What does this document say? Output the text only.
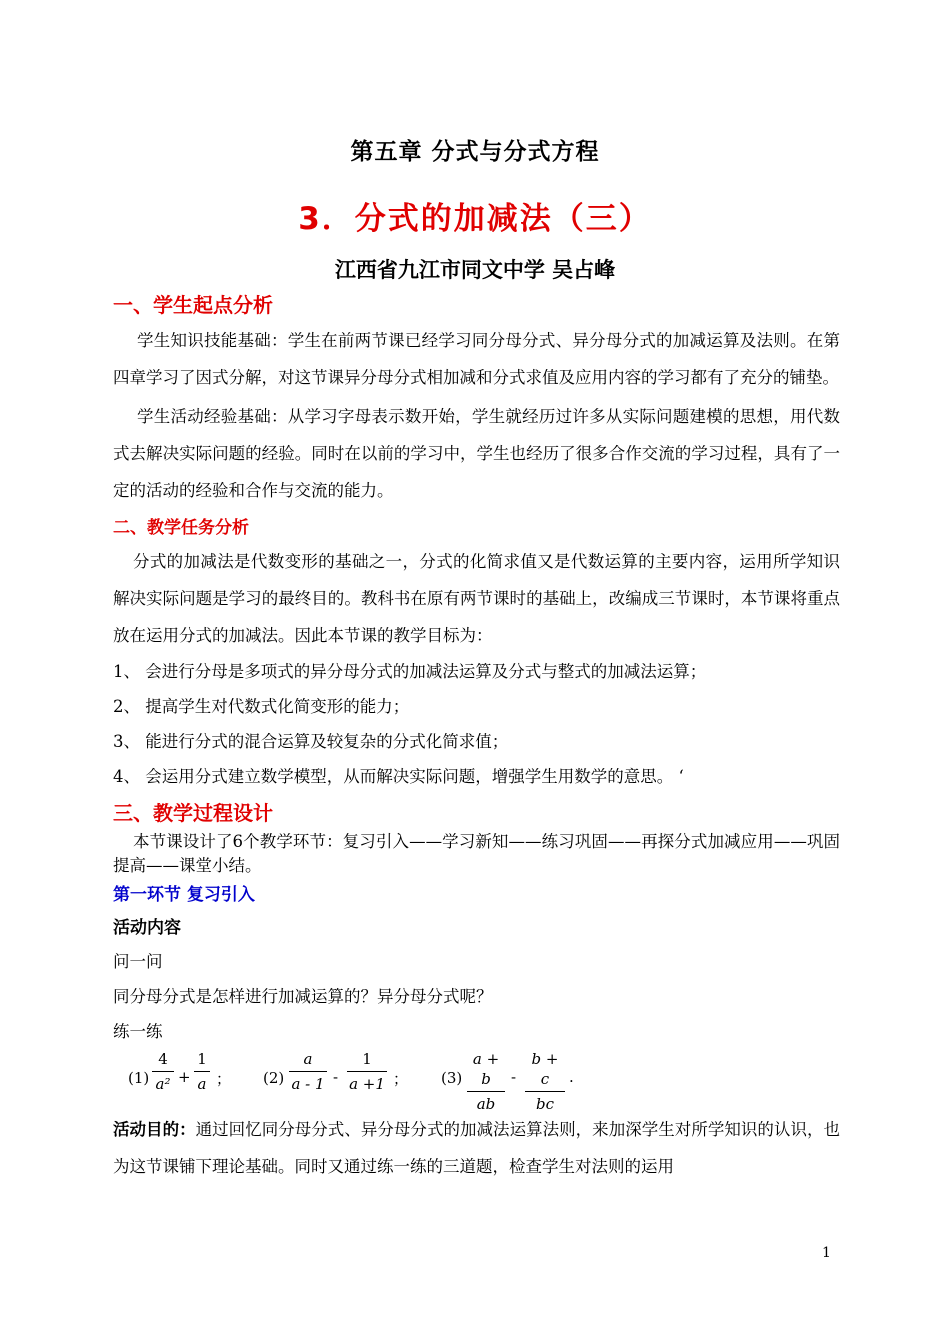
第五章 分式与分式方程
3．分式的加减法（三）
江西省九江市同文中学 吴占峰
一、学生起点分析

学生知识技能基础：学生在前两节课已经学习同分母分式、异分母分式的加减运算及法则。在第四章学习了因式分解，对这节课异分母分式相加减和分式求值及应用内容的学习都有了充分的铺垫。

学生活动经验基础：从学习字母表示数开始，学生就经历过许多从实际问题建模的思想，用代数式去解决实际问题的经验。同时在以前的学习中，学生也经历了很多合作交流的学习过程，具有了一定的活动的经验和合作与交流的能力。

二、教学任务分析

分式的加减法是代数变形的基础之一，分式的化简求值又是代数运算的主要内容，运用所学知识解决实际问题是学习的最终目的。教科书在原有两节课时的基础上，改编成三节课时，本节课将重点放在运用分式的加减法。因此本节课的教学目标为：

1、 会进行分母是多项式的异分母分式的加减法运算及分式与整式的加减法运算；
2、 提高学生对代数式化简变形的能力；
3、 能进行分式的混合运算及较复杂的分式化简求值；
4、 会运用分式建立数学模型，从而解决实际问题，增强学生用数学的意思。 ‘
三、教学过程设计

本节课设计了6个教学环节：复习引入——学习新知——练习巩固——再探分式加减应用——巩固提高——课堂小结。

第一环节 复习引入
活动内容
问一问
同分母分式是怎样进行加减运算的？异分母分式呢？
练一练
(1)
4
a² +
1
a ； (2)
a
a - 1 -
1
a +1 ； (3)
a + b
ab
-
b + c
bc
.

活动目的：通过回忆同分母分式、异分母分式的加减法运算法则，来加深学生对所学知识的认识，也为这节课铺下理论基础。同时又通过练一练的三道题，检查学生对法则的运用

1
